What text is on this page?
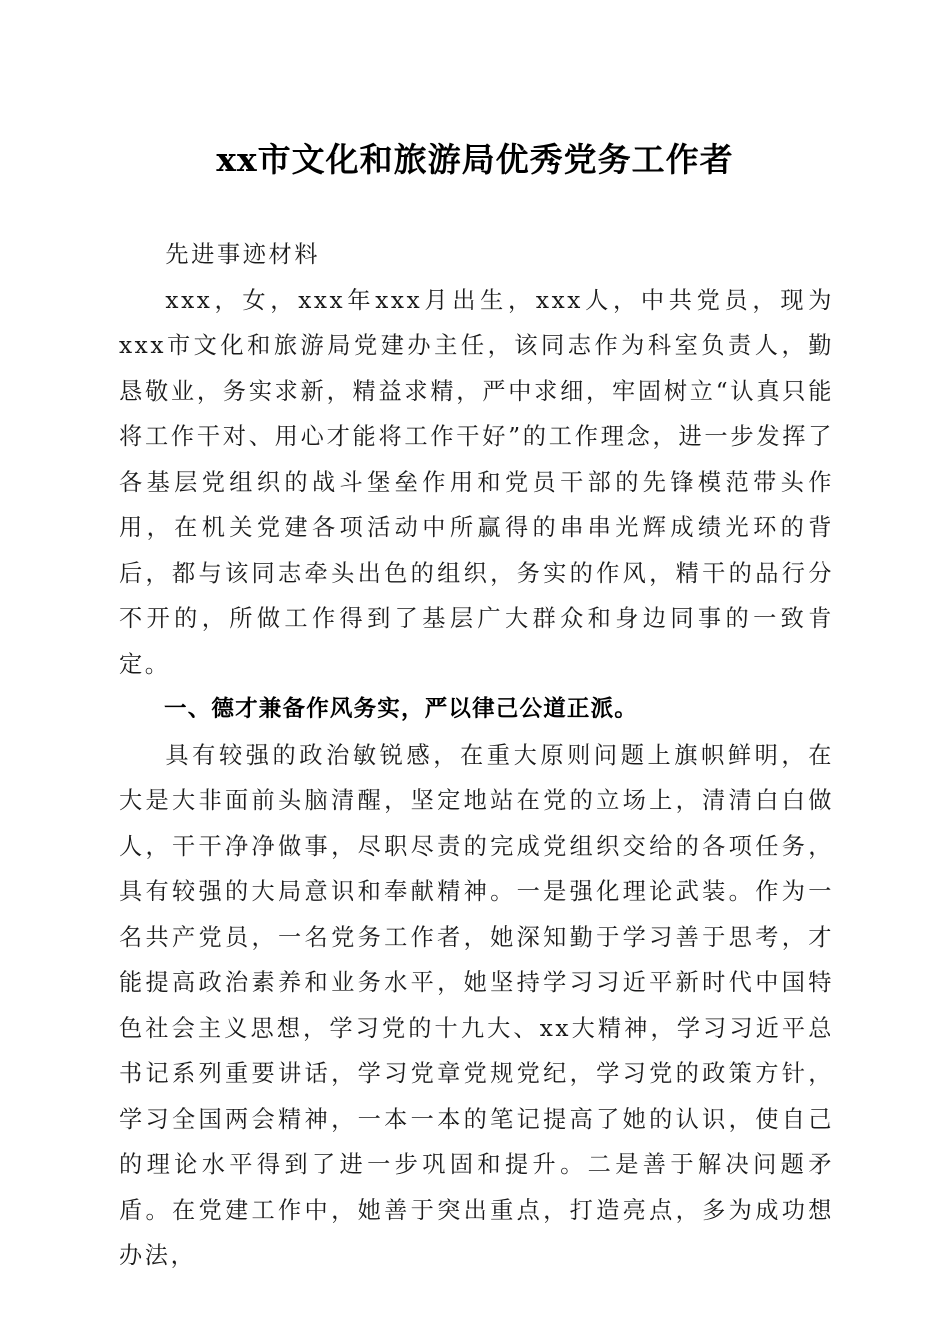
xx市文化和旅游局优秀党务工作者

先进事迹材料

xxx，女，xxx年xxx月出生，xxx人，中共党员，现为xxx市文化和旅游局党建办主任，该同志作为科室负责人，勤恳敬业，务实求新，精益求精，严中求细，牢固树立“认真只能将工作干对、用心才能将工作干好”的工作理念，进一步发挥了各基层党组织的战斗堡垒作用和党员干部的先锋模范带头作用，在机关党建各项活动中所赢得的串串光辉成绩光环的背后，都与该同志牵头出色的组织，务实的作风，精干的品行分不开的，所做工作得到了基层广大群众和身边同事的一致肯定。

一、德才兼备作风务实，严以律己公道正派。

具有较强的政治敏锐感，在重大原则问题上旗帜鲜明，在大是大非面前头脑清醒，坚定地站在党的立场上，清清白白做人，干干净净做事，尽职尽责的完成党组织交给的各项任务，具有较强的大局意识和奉献精神。一是强化理论武装。作为一名共产党员，一名党务工作者，她深知勤于学习善于思考，才能提高政治素养和业务水平，她坚持学习习近平新时代中国特色社会主义思想，学习党的十九大、xx大精神，学习习近平总书记系列重要讲话，学习党章党规党纪，学习党的政策方针，学习全国两会精神，一本一本的笔记提高了她的认识，使自己的理论水平得到了进一步巩固和提升。二是善于解决问题矛盾。在党建工作中，她善于突出重点，打造亮点，多为成功想办法，
